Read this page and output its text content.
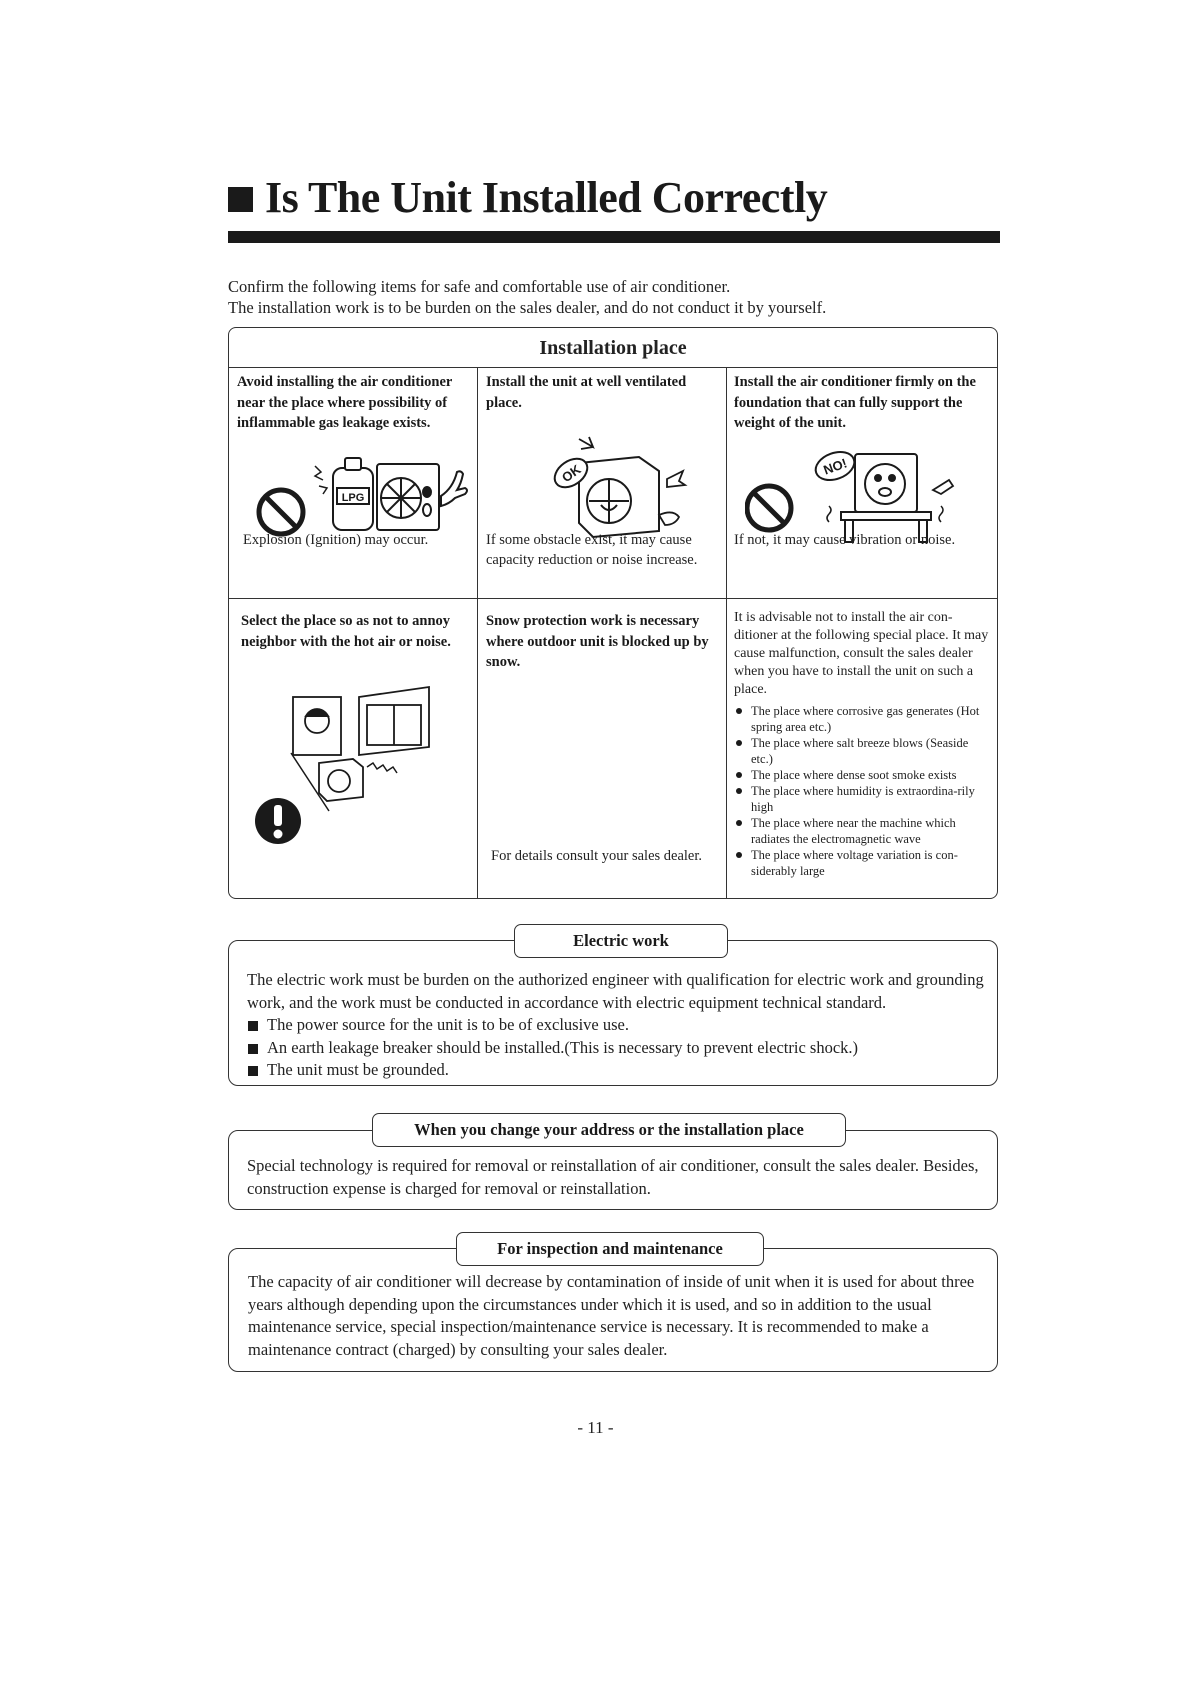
Is The Unit Installed Correctly
Confirm the following items for safe and comfortable use of air conditioner.
The installation work is to be burden on the sales dealer, and do not conduct it by yourself.
Installation place
Avoid installing the air conditioner near the place where possibility of inflammable gas leakage exists.
LPG
Explosion (Ignition) may occur.
Install the unit at well ventilated place.
OK
If some obstacle exist, it may cause capacity reduction or noise increase.
Install the air conditioner firmly on the foundation that can fully support the weight of the unit.
NO!
If not, it may cause vibration or noise.
Select the place so as not to annoy neighbor with the hot air or noise.
Snow protection work is necessary where outdoor unit is blocked up by snow.
For details consult your sales dealer.
It is advisable not to install the air con-ditioner at the following special place. It may cause malfunction, consult the sales dealer when you have to install the unit on such a place.
The place where corrosive gas generates (Hot spring area etc.)
The place where salt breeze blows (Seaside etc.)
The place where dense soot smoke exists
The place where humidity is extraordina-rily high
The place where near the machine which radiates the electromagnetic wave
The place where voltage variation is con-siderably large
The electric work must be burden on the authorized engineer with qualification for electric work and grounding work, and the work must be conducted in accordance with electric equipment technical standard.
The power source for the unit is to be of exclusive use.
An earth leakage breaker should be installed.(This is necessary to prevent electric shock.)
The unit must be grounded.
Electric work
Special technology is required for removal or reinstallation of air conditioner, consult the sales dealer. Besides, construction expense is charged for removal or reinstallation.
When you change your address or the installation place
The capacity of air conditioner will decrease by contamination of inside of unit when it is used for about three years although depending upon the circumstances under which it is used, and so in addition to the usual maintenance service, special inspection/maintenance service is necessary. It is recommended to make a maintenance contract (charged) by consulting your sales dealer.
For inspection and maintenance
- 11 -
